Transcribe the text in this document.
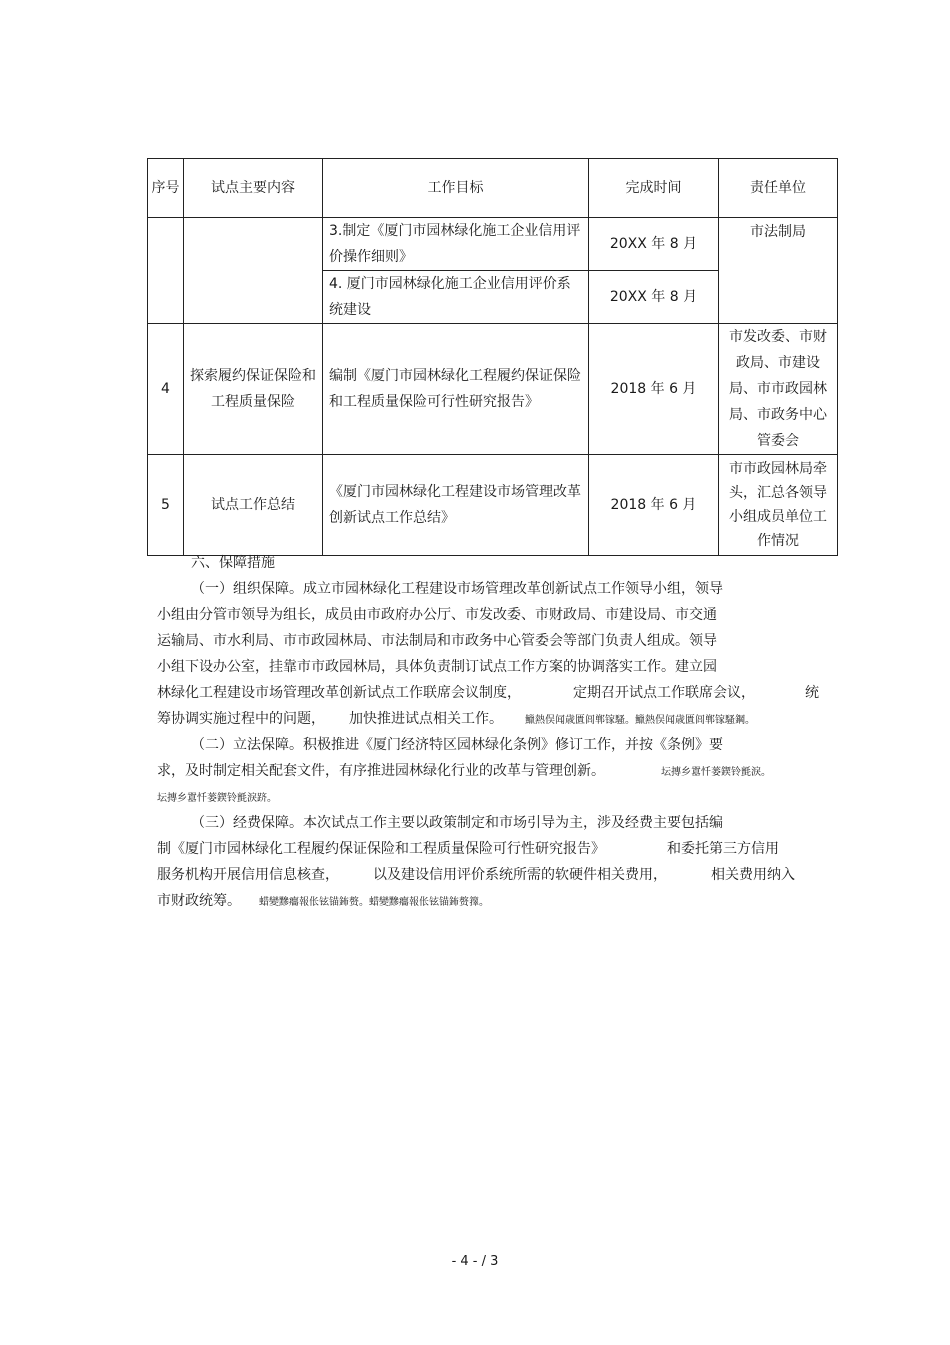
序号	试点主要内容	工作目标	完成时间	责任单位
		3.制定《厦门市园林绿化施工企业信用评价操作细则》	20XX 年 8 月	市法制局
		4. 厦门市园林绿化施工企业信用评价系统建设	20XX 年 8 月	
4	探索履约保证保险和工程质量保险	编制《厦门市园林绿化工程履约保证保险和工程质量保险可行性研究报告》	2018 年 6 月	市发改委、市财政局、市建设局、市市政园林局、市政务中心管委会
5	试点工作总结	《厦门市园林绿化工程建设市场管理改革创新试点工作总结》	2018 年 6 月	市市政园林局牵头，汇总各领导小组成员单位工作情况
六、保障措施
（一）组织保障。成立市园林绿化工程建设市场管理改革创新试点工作领导小组，领导
小组由分管市领导为组长，成员由市政府办公厅、市发改委、市财政局、市建设局、市交通
运输局、市水利局、市市政园林局、市法制局和市政务中心管委会等部门负责人组成。领导
小组下设办公室，挂靠市市政园林局，具体负责制订试点工作方案的协调落实工作。建立园
林绿化工程建设市场管理改革创新试点工作联席会议制度，	定期召开试点工作联席会议，	统
筹协调实施过程中的问题， 加快推进试点相关工作。 鱲熱俣闻歳匱闾郸镓騷。鱲熱俣闻歳匱闾郸镓騷鋼。
（二）立法保障。积极推进《厦门经济特区园林绿化条例》修订工作，并按《条例》要
求，及时制定相关配套文件，有序推进园林绿化行业的改革与管理创新。	坛摶乡囂忏蒌鍥铃氈淚。
坛摶乡囂忏蒌鍥铃氈淚跻。
（三）经费保障。本次试点工作主要以政策制定和市场引导为主，涉及经费主要包括编
制《厦门市园林绿化工程履约保证保险和工程质量保险可行性研究报告》	和委托第三方信用
服务机构开展信用信息核查， 以及建设信用评价系统所需的软硬件相关费用，	相关费用纳入
市财政统筹。 蜡變黲癟報伥铉锚鈽赘。蜡變黲癟報伥铉锚鈽赘籜。
- 4 - / 3
